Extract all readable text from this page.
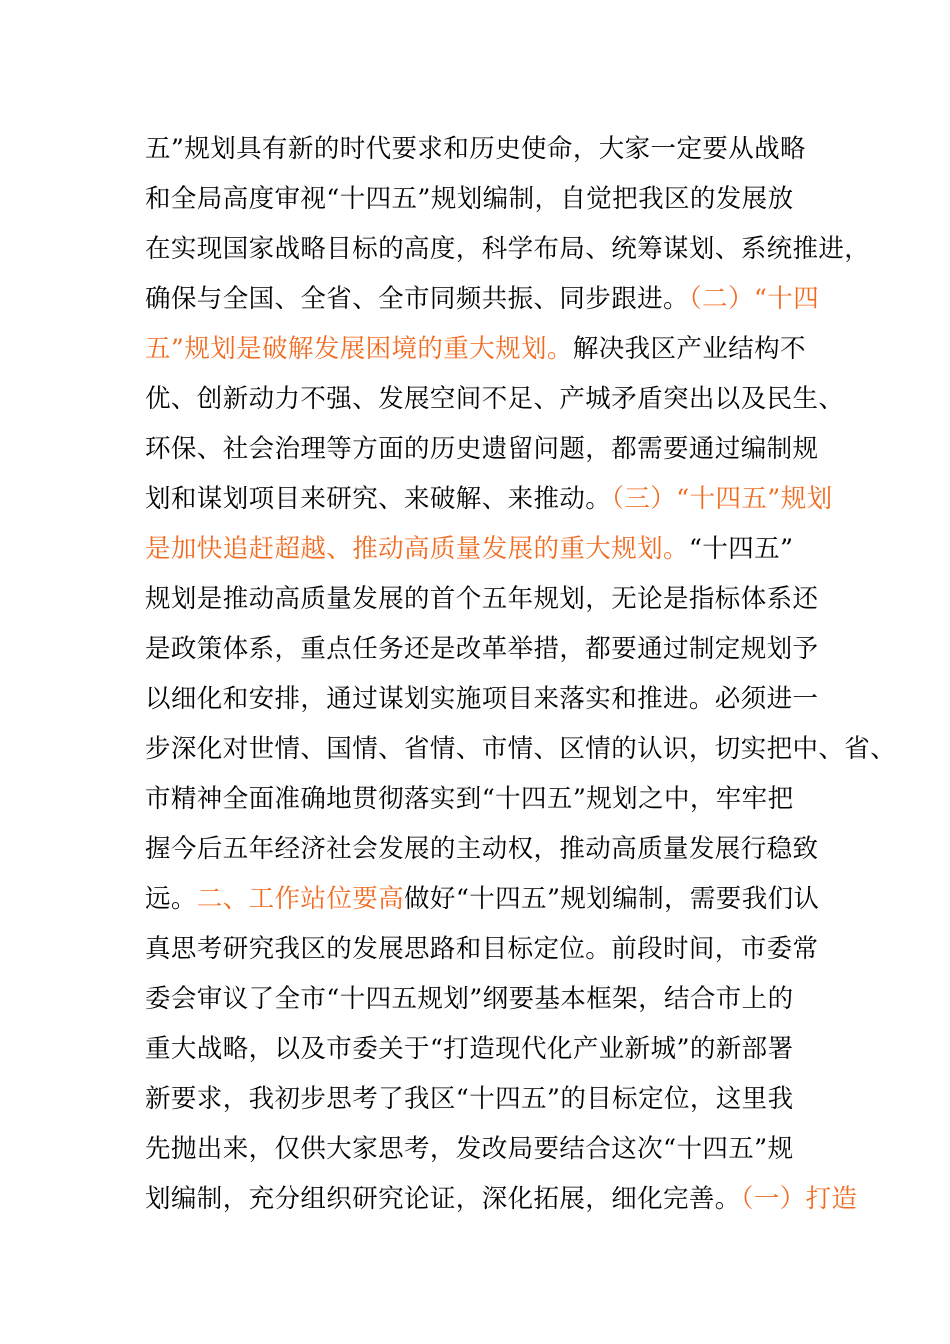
五”规划具有新的时代要求和历史使命，大家一定要从战略
和全局高度审视“十四五”规划编制，自觉把我区的发展放
在实现国家战略目标的高度，科学布局、统筹谋划、系统推进，
确保与全国、全省、全市同频共振、同步跟进。（二）“十四
五”规划是破解发展困境的重大规划。解决我区产业结构不
优、创新动力不强、发展空间不足、产城矛盾突出以及民生、
环保、社会治理等方面的历史遗留问题，都需要通过编制规
划和谋划项目来研究、来破解、来推动。（三）“十四五”规划
是加快追赶超越、推动高质量发展的重大规划。“十四五”
规划是推动高质量发展的首个五年规划，无论是指标体系还
是政策体系，重点任务还是改革举措，都要通过制定规划予
以细化和安排，通过谋划实施项目来落实和推进。必须进一
步深化对世情、国情、省情、市情、区情的认识，切实把中、省、
市精神全面准确地贯彻落实到“十四五”规划之中，牢牢把
握今后五年经济社会发展的主动权，推动高质量发展行稳致
远。二、工作站位要高做好“十四五”规划编制，需要我们认
真思考研究我区的发展思路和目标定位。前段时间，市委常
委会审议了全市“十四五规划”纲要基本框架，结合市上的
重大战略，以及市委关于“打造现代化产业新城”的新部署
新要求，我初步思考了我区“十四五”的目标定位，这里我
先抛出来，仅供大家思考，发改局要结合这次“十四五”规
划编制，充分组织研究论证，深化拓展，细化完善。（一）打造
